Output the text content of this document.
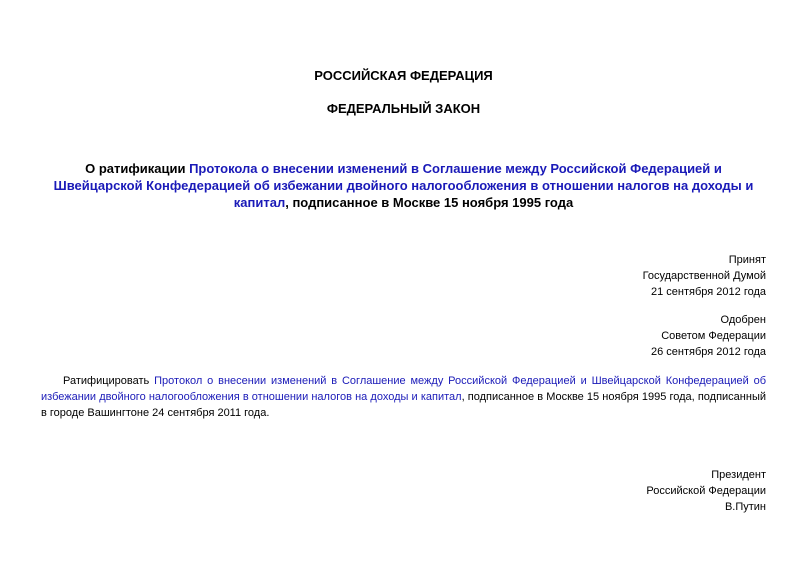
РОССИЙСКАЯ ФЕДЕРАЦИЯ
ФЕДЕРАЛЬНЫЙ ЗАКОН
О ратификации Протокола о внесении изменений в Соглашение между Российской Федерацией и Швейцарской Конфедерацией об избежании двойного налогообложения в отношении налогов на доходы и капитал, подписанное в Москве 15 ноября 1995 года
Принят
Государственной Думой
21 сентября 2012 года
Одобрен
Советом Федерации
26 сентября 2012 года
Ратифицировать Протокол о внесении изменений в Соглашение между Российской Федерацией и Швейцарской Конфедерацией об избежании двойного налогообложения в отношении налогов на доходы и капитал, подписанное в Москве 15 ноября 1995 года, подписанный в городе Вашингтоне 24 сентября 2011 года.
Президент
Российской Федерации
В.Путин
